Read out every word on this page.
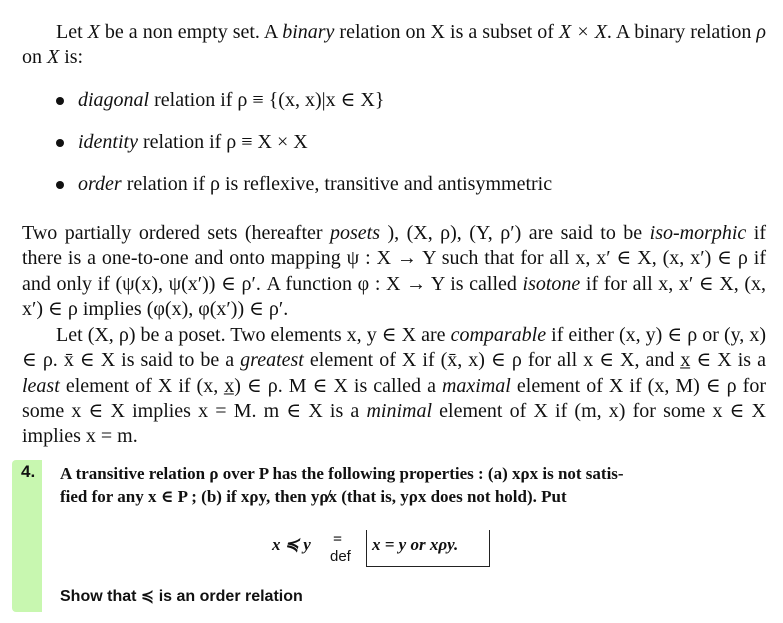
Let X be a non empty set. A binary relation on X is a subset of X × X. A binary relation ρ on X is:
diagonal relation if ρ ≡ {(x, x)|x ∈ X}
identity relation if ρ ≡ X × X
order relation if ρ is reflexive, transitive and antisymmetric
Two partially ordered sets (hereafter posets ), (X, ρ), (Y, ρ′) are said to be iso-morphic if there is a one-to-one and onto mapping ψ : X → Y such that for all x, x′ ∈ X, (x, x′) ∈ ρ if and only if (ψ(x), ψ(x′)) ∈ ρ′. A function φ : X → Y is called isotone if for all x, x′ ∈ X, (x, x′) ∈ ρ implies (φ(x), φ(x′)) ∈ ρ′.
Let (X, ρ) be a poset. Two elements x, y ∈ X are comparable if either (x, y) ∈ ρ or (y, x) ∈ ρ. x̄ ∈ X is said to be a greatest element of X if (x̄, x) ∈ ρ for all x ∈ X, and x̲ ∈ X is a least element of X if (x, x̲) ∈ ρ. M ∈ X is called a maximal element of X if (x, M) ∈ ρ for some x ∈ X implies x = M. m ∈ X is a minimal element of X if (m, x) for some x ∈ X implies x = m.
4. A transitive relation ρ over P has the following properties : (a) xρx is not satis-
fied for any x ∈ P ; (b) if xρy, then yρ̸x (that is, yρx does not hold). Put
x ≼ y =
def
x = y or xρy.
Show that ≼ is an order relation
